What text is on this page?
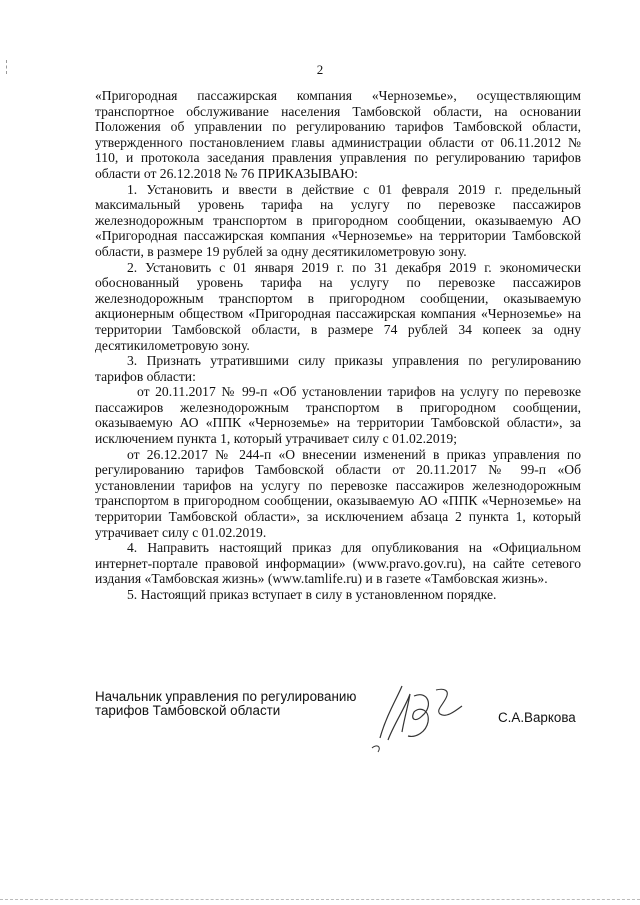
2

«Пригородная пассажирская компания «Черноземье», осуществляющим транспортное обслуживание населения Тамбовской области, на основании Положения об управлении по регулированию тарифов Тамбовской области, утвержденного постановлением главы администрации области от 06.11.2012 № 110, и протокола заседания правления управления по регулированию тарифов области от 26.12.2018 № 76 ПРИКАЗЫВАЮ:

1. Установить и ввести в действие с 01 февраля 2019 г. предельный максимальный уровень тарифа на услугу по перевозке пассажиров железнодорожным транспортом в пригородном сообщении, оказываемую АО «Пригородная пассажирская компания «Черноземье» на территории Тамбовской области, в размере 19 рублей за одну десятикилометровую зону.

2. Установить с 01 января 2019 г. по 31 декабря 2019 г. экономически обоснованный уровень тарифа на услугу по перевозке пассажиров железнодорожным транспортом в пригородном сообщении, оказываемую акционерным обществом «Пригородная пассажирская компания «Черноземье» на территории Тамбовской области, в размере 74 рублей 34 копеек за одну десятикилометровую зону.

3. Признать утратившими силу приказы управления по регулированию тарифов области:

от 20.11.2017 № 99-п «Об установлении тарифов на услугу по перевозке пассажиров железнодорожным транспортом в пригородном сообщении, оказываемую АО «ППК «Черноземье» на территории Тамбовской области», за исключением пункта 1, который утрачивает силу с 01.02.2019;

от 26.12.2017 № 244-п «О внесении изменений в приказ управления по регулированию тарифов Тамбовской области от 20.11.2017 № 99-п «Об установлении тарифов на услугу по перевозке пассажиров железнодорожным транспортом в пригородном сообщении, оказываемую АО «ППК «Черноземье» на территории Тамбовской области», за исключением абзаца 2 пункта 1, который утрачивает силу с 01.02.2019.

4. Направить настоящий приказ для опубликования на «Официальном интернет-портале правовой информации» (www.pravo.gov.ru), на сайте сетевого издания «Тамбовская жизнь» (www.tamlife.ru) и в газете «Тамбовская жизнь».

5. Настоящий приказ вступает в силу в установленном порядке.

Начальник управления по регулированию
тарифов Тамбовской области	С.А.Варкова
